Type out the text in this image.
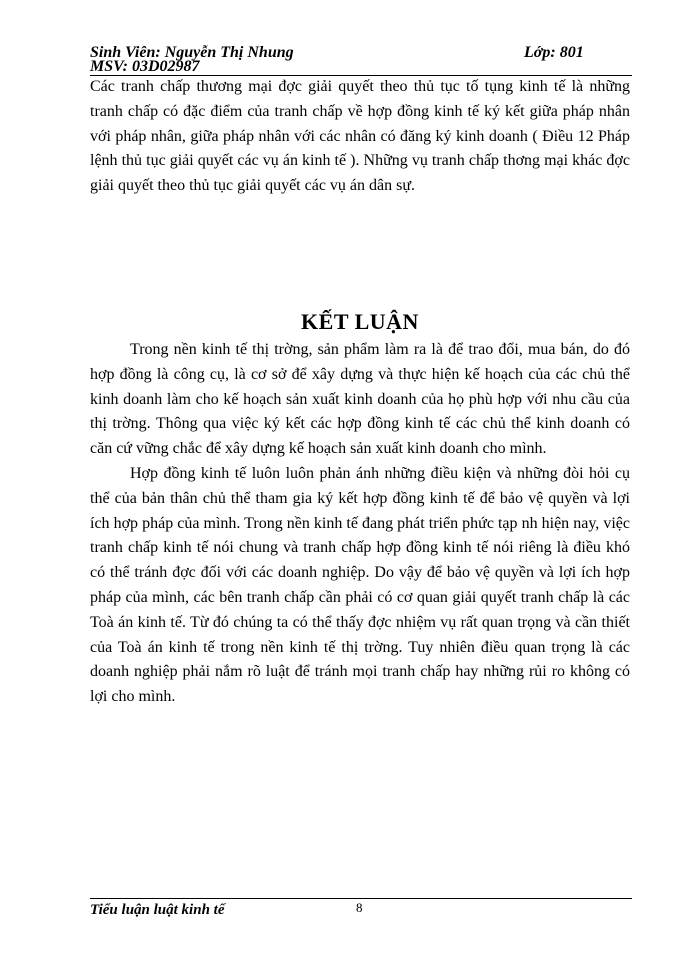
Sinh Viên: Nguyễn Thị Nhung
MSV: 03D02987
Lớp: 801

Các tranh chấp thương mại đợc giải quyết theo thủ tục tố tụng kinh tế là những tranh chấp có đặc điểm của tranh chấp về hợp đồng kinh tế ký kết giữa pháp nhân với pháp nhân, giữa pháp nhân với các nhân có đăng ký kinh doanh ( Điều 12 Pháp lệnh thủ tục giải quyết các vụ án kinh tế ). Những vụ tranh chấp thơng mại khác đợc giải quyết theo thủ tục giải quyết các vụ án dân sự.

KẾT LUẬN

Trong nền kinh tế thị trờng, sản phẩm làm ra là để trao đổi, mua bán, do đó hợp đồng là công cụ, là cơ sở để xây dựng và thực hiện kế hoạch của các chủ thể kinh doanh làm cho kế hoạch sản xuất kinh doanh của họ phù hợp với nhu cầu của thị trờng. Thông qua việc ký kết các hợp đồng kinh tế các chủ thể kinh doanh có căn cứ vững chắc để xây dựng kế hoạch sản xuất kinh doanh cho mình.

Hợp đồng kinh tế luôn luôn phản ánh những điều kiện và những đòi hỏi cụ thể của bản thân chủ thể tham gia ký kết hợp đồng kinh tế để bảo vệ quyền và lợi ích hợp pháp của mình. Trong nền kinh tế đang phát triển phức tạp nh hiện nay, việc tranh chấp kinh tế nói chung và tranh chấp hợp đồng kinh tế nói riêng là điều khó có thể tránh đợc đối với các doanh nghiệp. Do vậy để bảo vệ quyền và lợi ích hợp pháp của mình, các bên tranh chấp cần phải có cơ quan giải quyết tranh chấp là các Toà án kinh tế. Từ đó chúng ta có thể thấy đợc nhiệm vụ rất quan trọng và cần thiết của Toà án kinh tế trong nền kinh tế thị trờng. Tuy nhiên điều quan trọng là các doanh nghiệp phải nắm rõ luật để tránh mọi tranh chấp hay những rủi ro không có lợi cho mình.

Tiểu luận luật kinh tế	8
